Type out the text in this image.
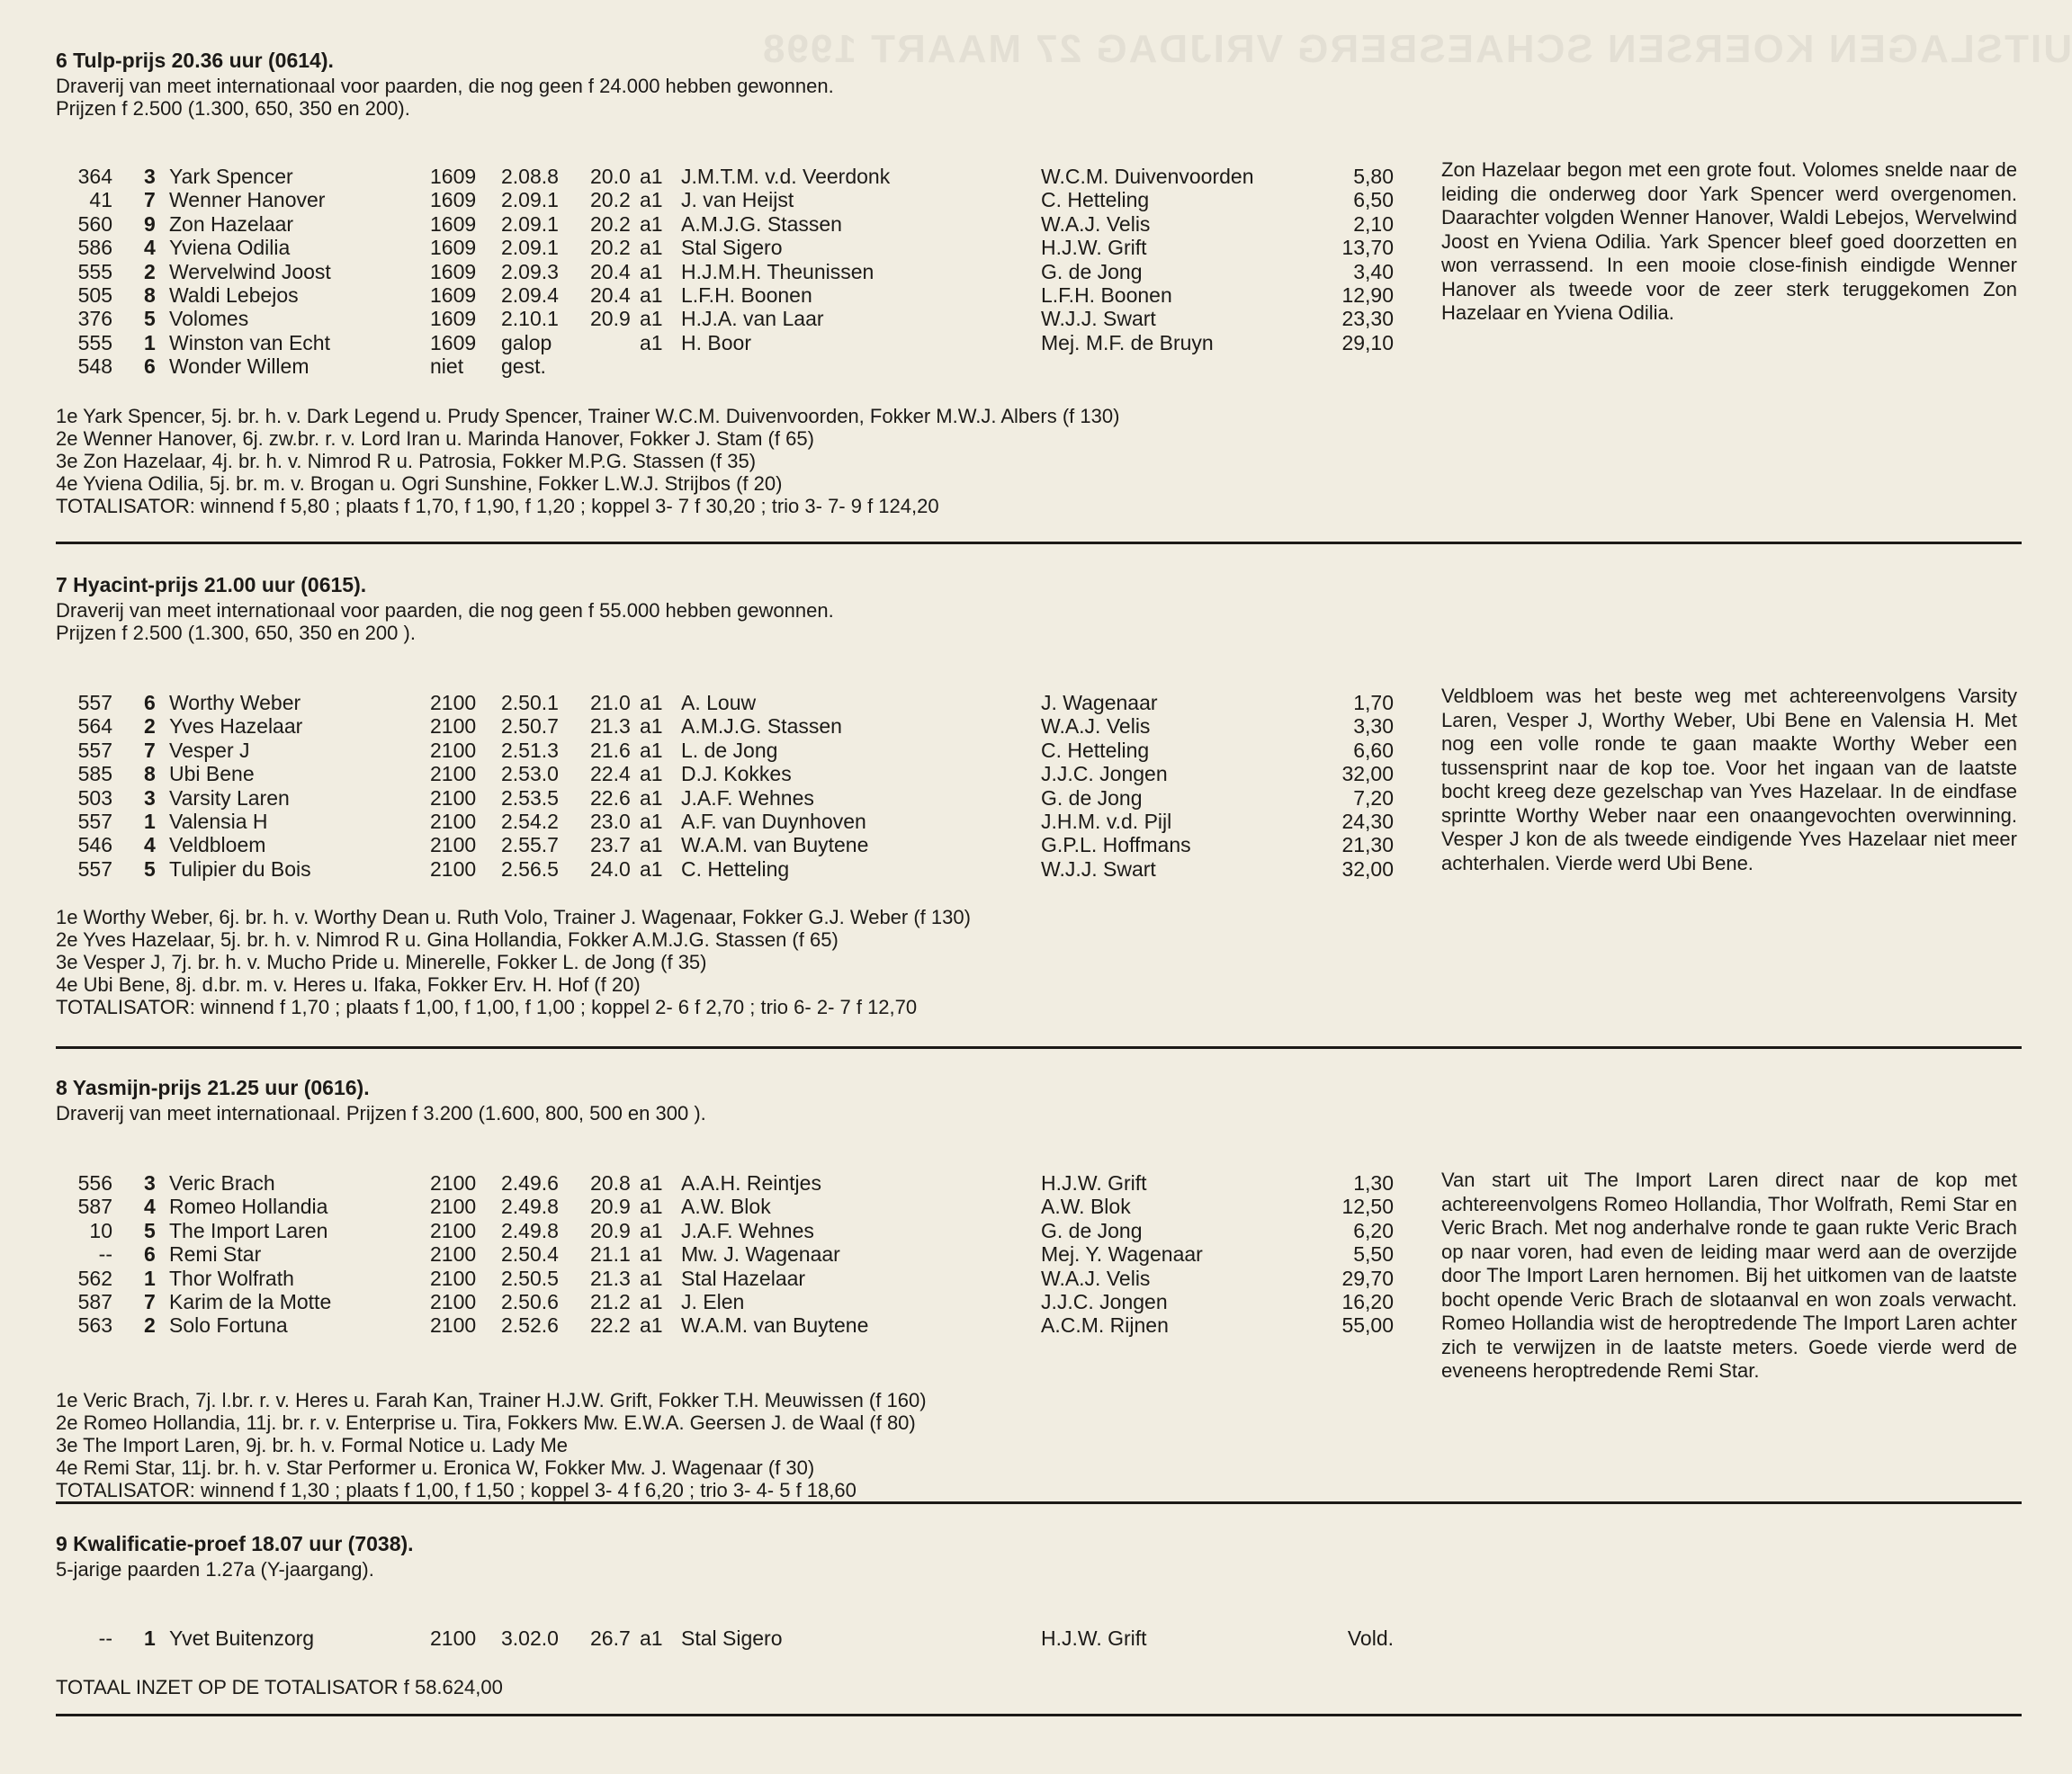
UITSLAGEN KOERSEN SCHAESBERG VRIJDAG 27 MAART 1998
6 Tulp-prijs 20.36 uur (0614).
Draverij van meet internationaal voor paarden, die nog geen f 24.000 hebben gewonnen.
Prijzen f 2.500 (1.300, 650, 350 en 200).
364 3 Yark Spencer	1609 2.08.8 20.0 a1 J.M.T.M. v.d. Veerdonk	W.C.M. Duivenvoorden	5,80
41 7 Wenner Hanover	1609 2.09.1 20.2 a1 J. van Heijst	C. Hetteling	6,50
560 9 Zon Hazelaar	1609 2.09.1 20.2 a1 A.M.J.G. Stassen	W.A.J. Velis	2,10
586 4 Yviena Odilia	1609 2.09.1 20.2 a1 Stal Sigero	H.J.W. Grift	13,70
555 2 Wervelwind Joost	1609 2.09.3 20.4 a1 H.J.M.H. Theunissen	G. de Jong	3,40
505 8 Waldi Lebejos	1609 2.09.4 20.4 a1 L.F.H. Boonen	L.F.H. Boonen	12,90
376 5 Volomes	1609 2.10.1 20.9 a1 H.J.A. van Laar	W.J.J. Swart	23,30
555 1 Winston van Echt	1609 galop	a1 H. Boor	Mej. M.F. de Bruyn	29,10
548 6 Wonder Willem	niet gest.
Zon Hazelaar begon met een grote fout. Volomes snelde naar de leiding die onderweg door Yark Spencer werd overgenomen. Daarachter volgden Wenner Hanover, Waldi Lebejos, Wervelwind Joost en Yviena Odilia. Yark Spencer bleef goed doorzetten en won verrassend. In een mooie close-finish eindigde Wenner Hanover als tweede voor de zeer sterk teruggekomen Zon Hazelaar en Yviena Odilia.
1e Yark Spencer, 5j. br. h. v. Dark Legend u. Prudy Spencer, Trainer W.C.M. Duivenvoorden, Fokker M.W.J. Albers (f 130)
2e Wenner Hanover, 6j. zw.br. r. v. Lord Iran u. Marinda Hanover, Fokker J. Stam (f 65)
3e Zon Hazelaar, 4j. br. h. v. Nimrod R u. Patrosia, Fokker M.P.G. Stassen (f 35)
4e Yviena Odilia, 5j. br. m. v. Brogan u. Ogri Sunshine, Fokker L.W.J. Strijbos (f 20)
TOTALISATOR: winnend f 5,80 ; plaats f 1,70, f 1,90, f 1,20 ; koppel 3- 7 f 30,20 ; trio 3- 7- 9 f 124,20
7 Hyacint-prijs 21.00 uur (0615).
Draverij van meet internationaal voor paarden, die nog geen f 55.000 hebben gewonnen.
Prijzen f 2.500 (1.300, 650, 350 en 200 ).
557 6 Worthy Weber	2100 2.50.1 21.0 a1 A. Louw	J. Wagenaar	1,70
564 2 Yves Hazelaar	2100 2.50.7 21.3 a1 A.M.J.G. Stassen	W.A.J. Velis	3,30
557 7 Vesper J	2100 2.51.3 21.6 a1 L. de Jong	C. Hetteling	6,60
585 8 Ubi Bene	2100 2.53.0 22.4 a1 D.J. Kokkes	J.J.C. Jongen	32,00
503 3 Varsity Laren	2100 2.53.5 22.6 a1 J.A.F. Wehnes	G. de Jong	7,20
557 1 Valensia H	2100 2.54.2 23.0 a1 A.F. van Duynhoven	J.H.M. v.d. Pijl	24,30
546 4 Veldbloem	2100 2.55.7 23.7 a1 W.A.M. van Buytene	G.P.L. Hoffmans	21,30
557 5 Tulipier du Bois	2100 2.56.5 24.0 a1 C. Hetteling	W.J.J. Swart	32,00
Veldbloem was het beste weg met achtereenvolgens Varsity Laren, Vesper J, Worthy Weber, Ubi Bene en Valensia H. Met nog een volle ronde te gaan maakte Worthy Weber een tussensprint naar de kop toe. Voor het ingaan van de laatste bocht kreeg deze gezelschap van Yves Hazelaar. In de eindfase sprintte Worthy Weber naar een onaangevochten overwinning. Vesper J kon de als tweede eindigende Yves Hazelaar niet meer achterhalen. Vierde werd Ubi Bene.
1e Worthy Weber, 6j. br. h. v. Worthy Dean u. Ruth Volo, Trainer J. Wagenaar, Fokker G.J. Weber (f 130)
2e Yves Hazelaar, 5j. br. h. v. Nimrod R u. Gina Hollandia, Fokker A.M.J.G. Stassen (f 65)
3e Vesper J, 7j. br. h. v. Mucho Pride u. Minerelle, Fokker L. de Jong (f 35)
4e Ubi Bene, 8j. d.br. m. v. Heres u. Ifaka, Fokker Erv. H. Hof (f 20)
TOTALISATOR: winnend f 1,70 ; plaats f 1,00, f 1,00, f 1,00 ; koppel 2- 6 f 2,70 ; trio 6- 2- 7 f 12,70
8 Yasmijn-prijs 21.25 uur (0616).
Draverij van meet internationaal. Prijzen f 3.200 (1.600, 800, 500 en 300 ).
556 3 Veric Brach	2100 2.49.6 20.8 a1 A.A.H. Reintjes	H.J.W. Grift	1,30
587 4 Romeo Hollandia	2100 2.49.8 20.9 a1 A.W. Blok	A.W. Blok	12,50
10 5 The Import Laren	2100 2.49.8 20.9 a1 J.A.F. Wehnes	G. de Jong	6,20
-- 6 Remi Star	2100 2.50.4 21.1 a1 Mw. J. Wagenaar	Mej. Y. Wagenaar	5,50
562 1 Thor Wolfrath	2100 2.50.5 21.3 a1 Stal Hazelaar	W.A.J. Velis	29,70
587 7 Karim de la Motte	2100 2.50.6 21.2 a1 J. Elen	J.J.C. Jongen	16,20
563 2 Solo Fortuna	2100 2.52.6 22.2 a1 W.A.M. van Buytene	A.C.M. Rijnen	55,00
Van start uit The Import Laren direct naar de kop met achtereenvolgens Romeo Hollandia, Thor Wolfrath, Remi Star en Veric Brach. Met nog anderhalve ronde te gaan rukte Veric Brach op naar voren, had even de leiding maar werd aan de overzijde door The Import Laren hernomen. Bij het uitkomen van de laatste bocht opende Veric Brach de slotaanval en won zoals verwacht. Romeo Hollandia wist de heroptredende The Import Laren achter zich te verwijzen in de laatste meters. Goede vierde werd de eveneens heroptredende Remi Star.
1e Veric Brach, 7j. l.br. r. v. Heres u. Farah Kan, Trainer H.J.W. Grift, Fokker T.H. Meuwissen (f 160)
2e Romeo Hollandia, 11j. br. r. v. Enterprise u. Tira, Fokkers Mw. E.W.A. Geersen J. de Waal (f 80)
3e The Import Laren, 9j. br. h. v. Formal Notice u. Lady Me
4e Remi Star, 11j. br. h. v. Star Performer u. Eronica W, Fokker Mw. J. Wagenaar (f 30)
TOTALISATOR: winnend f 1,30 ; plaats f 1,00, f 1,50 ; koppel 3- 4 f 6,20 ; trio 3- 4- 5 f 18,60
9 Kwalificatie-proef 18.07 uur (7038).
5-jarige paarden 1.27a (Y-jaargang).
-- 1 Yvet Buitenzorg	2100 3.02.0 26.7 a1 Stal Sigero	H.J.W. Grift	Vold.
TOTAAL INZET OP DE TOTALISATOR f 58.624,00
